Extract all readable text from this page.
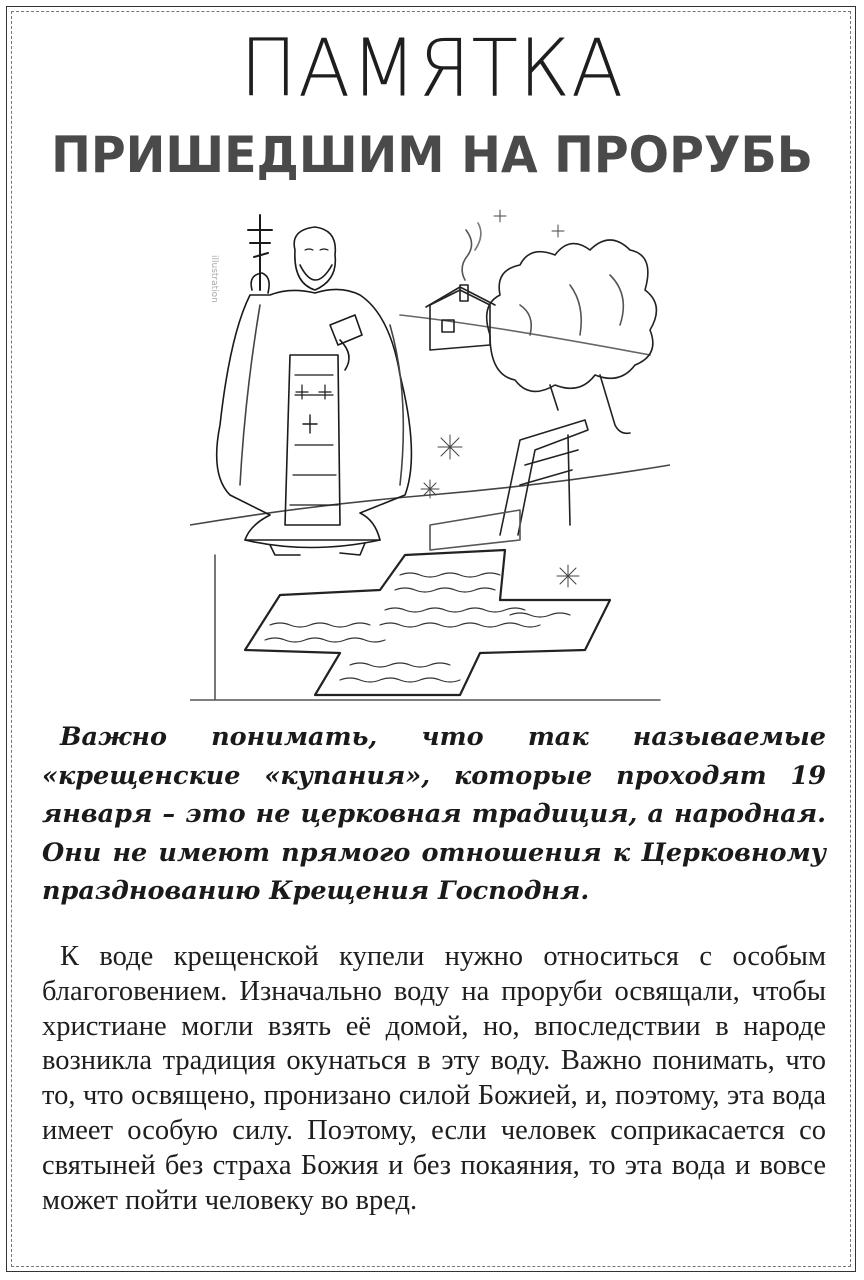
ПАМЯТКА
ПРИШЕДШИМ НА ПРОРУБЬ
illustration
Важно понимать, что так называемые «крещенские «купания», которые проходят 19 января – это не церковная традиция, а народная. Они не имеют прямого отношения к Церковному празднованию Крещения Господня.
К воде крещенской купели нужно относиться с особым благоговением. Изначально воду на проруби освящали, чтобы христиане могли взять её домой, но, впоследствии в народе возникла традиция окунаться в эту воду. Важно понимать, что то, что освящено, пронизано силой Божией, и, поэтому, эта вода имеет особую силу. Поэтому, если человек соприкасается со святыней без страха Божия и без покаяния, то эта вода и вовсе может пойти человеку во вред.
